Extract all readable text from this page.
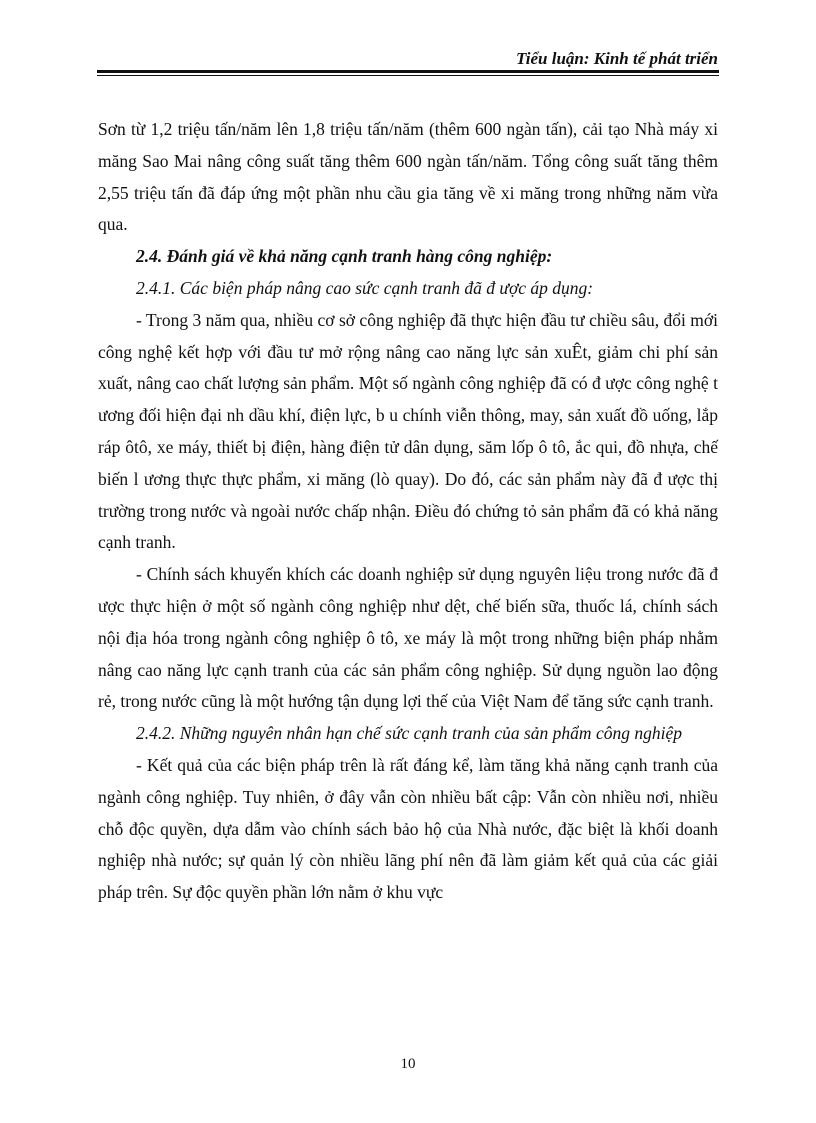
Tiểu luận: Kinh tế phát triển

Sơn từ 1,2 triệu tấn/năm lên 1,8 triệu tấn/năm (thêm 600 ngàn tấn), cải tạo Nhà máy xi măng Sao Mai nâng công suất tăng thêm 600 ngàn tấn/năm. Tổng công suất tăng thêm 2,55 triệu tấn đã đáp ứng một phần nhu cầu gia tăng về xi măng trong những năm vừa qua.

2.4. Đánh giá về khả năng cạnh tranh hàng công nghiệp:

2.4.1. Các biện pháp nâng cao sức cạnh tranh đã đ ược áp dụng:

- Trong 3 năm qua, nhiều cơ sở công nghiệp đã thực hiện đầu tư chiều sâu, đổi mới công nghệ kết hợp với đầu tư mở rộng nâng cao năng lực sản xuÊt, giảm chi phí sản xuất, nâng cao chất lượng sản phẩm. Một số ngành công nghiệp đã có đ ược công nghệ t ương đối hiện đại nh dầu khí, điện lực, b u chính viễn thông, may, sản xuất đồ uống, lắp ráp ôtô, xe máy, thiết bị điện, hàng điện tử dân dụng, săm lốp ô tô, ắc qui, đồ nhựa, chế biến l ương thực thực phẩm, xi măng (lò quay). Do đó, các sản phẩm này đã đ ược thị trường trong nước và ngoài nước chấp nhận. Điều đó chứng tỏ sản phẩm đã có khả năng cạnh tranh.

- Chính sách khuyến khích các doanh nghiệp sử dụng nguyên liệu trong nước đã đ ược thực hiện ở một số ngành công nghiệp như dệt, chế biến sữa, thuốc lá, chính sách nội địa hóa trong ngành công nghiệp ô tô, xe máy là một trong những biện pháp nhằm nâng cao năng lực cạnh tranh của các sản phẩm công nghiệp. Sử dụng nguồn lao động rẻ, trong nước cũng là một hướng tận dụng lợi thế của Việt Nam để tăng sức cạnh tranh.

2.4.2. Những nguyên nhân hạn chế sức cạnh tranh của sản phẩm công nghiệp

- Kết quả của các biện pháp trên là rất đáng kể, làm tăng khả năng cạnh tranh của ngành công nghiệp. Tuy nhiên, ở đây vẫn còn nhiều bất cập: Vẫn còn nhiều nơi, nhiều chỗ độc quyền, dựa dẫm vào chính sách bảo hộ của Nhà nước, đặc biệt là khối doanh nghiệp nhà nước; sự quản lý còn nhiều lãng phí nên đã làm giảm kết quả của các giải pháp trên. Sự độc quyền phần lớn nằm ở khu vực

10
